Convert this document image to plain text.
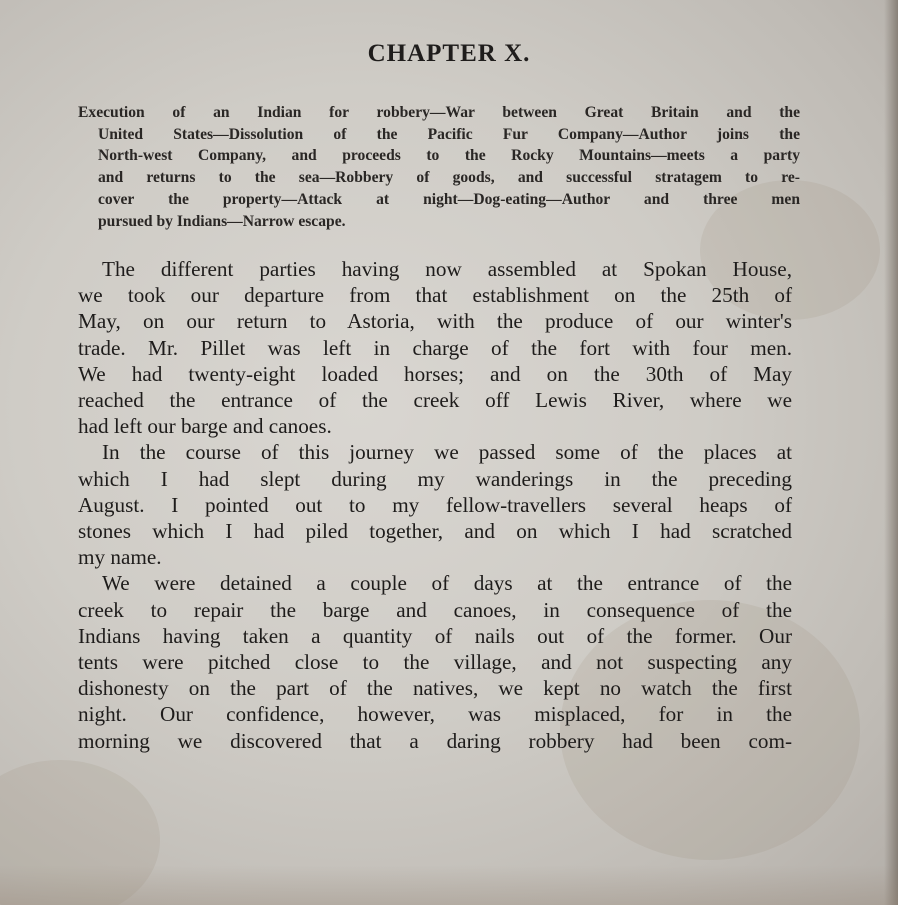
CHAPTER X.
Execution of an Indian for robbery—War between Great Britain and the
United States—Dissolution of the Pacific Fur Company—Author joins the
North-west Company, and proceeds to the Rocky Mountains—meets a party
and returns to the sea—Robbery of goods, and successful stratagem to re-
cover the property—Attack at night—Dog-eating—Author and three men
pursued by Indians—Narrow escape.
The different parties having now assembled at Spokan House,
we took our departure from that establishment on the 25th of
May, on our return to Astoria, with the produce of our winter's
trade. Mr. Pillet was left in charge of the fort with four men.
We had twenty-eight loaded horses; and on the 30th of May
reached the entrance of the creek off Lewis River, where we
had left our barge and canoes.
In the course of this journey we passed some of the places at
which I had slept during my wanderings in the preceding
August. I pointed out to my fellow-travellers several heaps of
stones which I had piled together, and on which I had scratched
my name.
We were detained a couple of days at the entrance of the
creek to repair the barge and canoes, in consequence of the
Indians having taken a quantity of nails out of the former. Our
tents were pitched close to the village, and not suspecting any
dishonesty on the part of the natives, we kept no watch the first
night. Our confidence, however, was misplaced, for in the
morning we discovered that a daring robbery had been com-
